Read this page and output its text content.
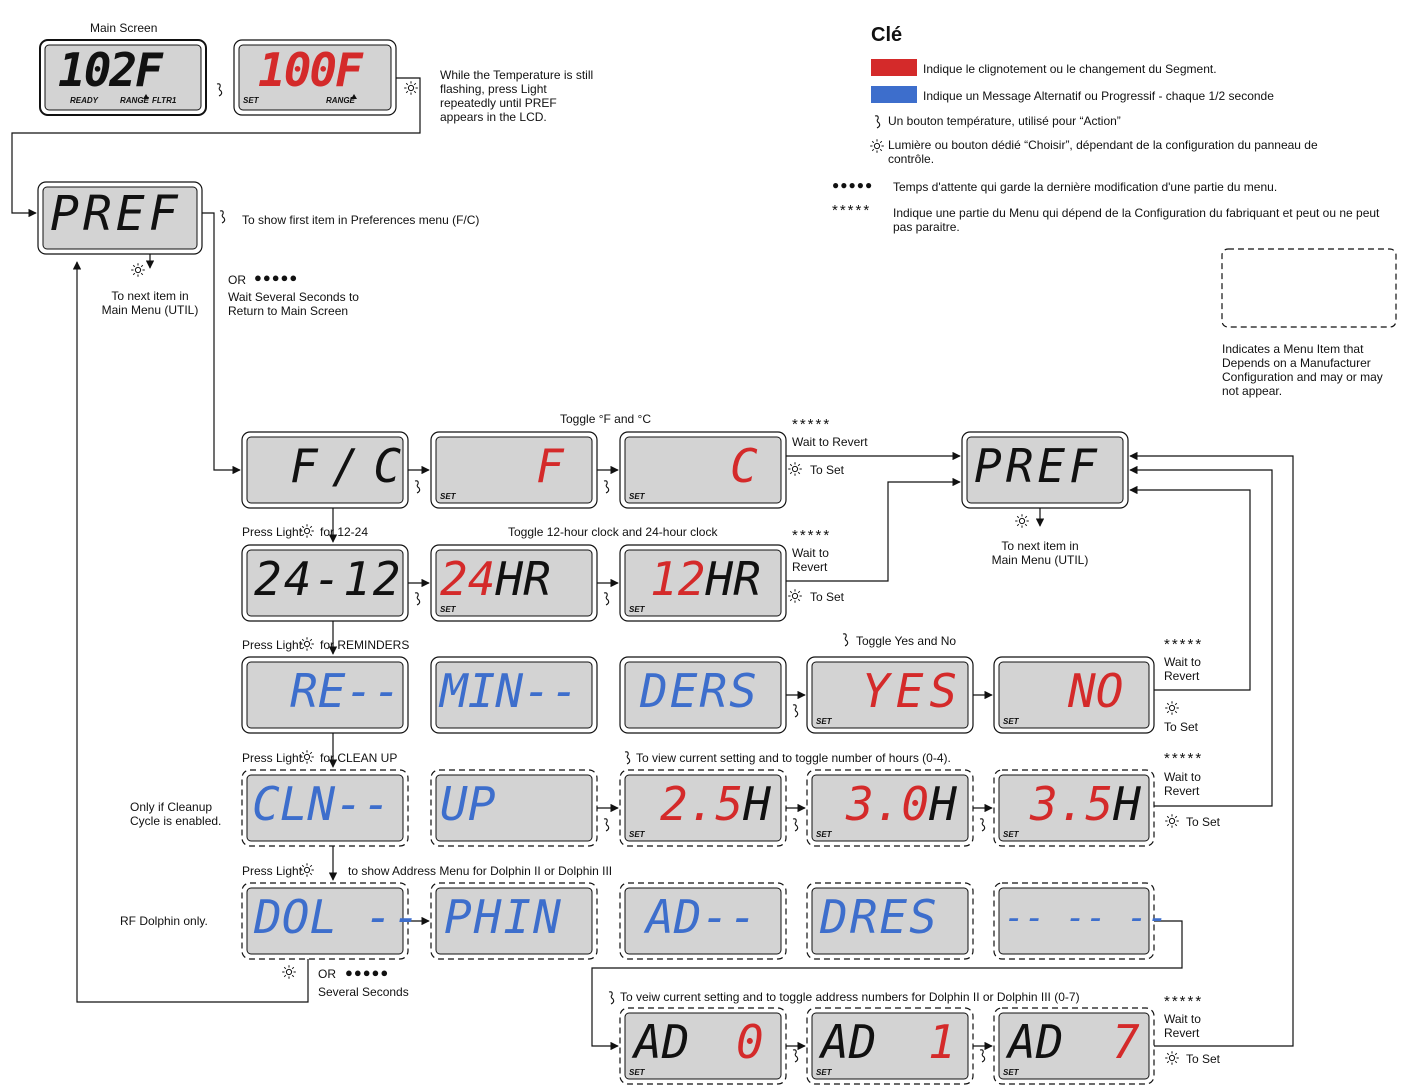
102F
READY	RANGE FLTR1
100F
SET	RANGE
PREF
F/C	F
SET
C
SET
PREF
24-12 24HR
SET
12HR
SET
RE-- MIN-- DERS YES
SET
NO
SET
CLN-- UP	2.5H
SET
3.0H
SET
3.5H
SET
DOL -- PHIN AD-- DRES -- -- --
AD 0
SET
AD 1
SET
AD 7
SET
Main Screen
While the Temperature is still flashing, press Light repeatedly until PREF appears in the LCD.
To show first item in Preferences menu (F/C)
OR ●●●●●
Wait Several Seconds to Return to Main Screen
To next item in Main Menu (UTIL)
Toggle °F and °C	*****
Wait to Revert
To Set
To next item in Main Menu (UTIL)
Press Light for 12-24	Toggle 12-hour clock and 24-hour clock	*****
Wait to Revert
To Set
Press Light for REMINDERS	Toggle Yes and No	*****
Wait to Revert
To Set
Press Light for CLEAN UP
Only if Cleanup Cycle is enabled.
To view current setting and to toggle number of hours (0-4).	*****
Wait to Revert
To Set
Press Light	to show Address Menu for Dolphin II or Dolphin III
RF Dolphin only.
OR ●●●●●
Several Seconds	To veiw current setting and to toggle address numbers for Dolphin II or Dolphin III (0-7)	*****
Wait to Revert
To Set
Clé
Indique le clignotement ou le changement du Segment.
Indique un Message Alternatif ou Progressif - chaque 1/2 seconde
Un bouton température, utilisé pour “Action”
Lumière ou bouton dédié “Choisir”, dépendant de la configuration du panneau de contrôle.
●●●●● Temps d'attente qui garde la dernière modification d'une partie du menu.
***** Indique une partie du Menu qui dépend de la Configuration du fabriquant et peut ou ne peut pas paraitre.
Indicates a Menu Item that Depends on a Manufacturer Configuration and may or may not appear.
